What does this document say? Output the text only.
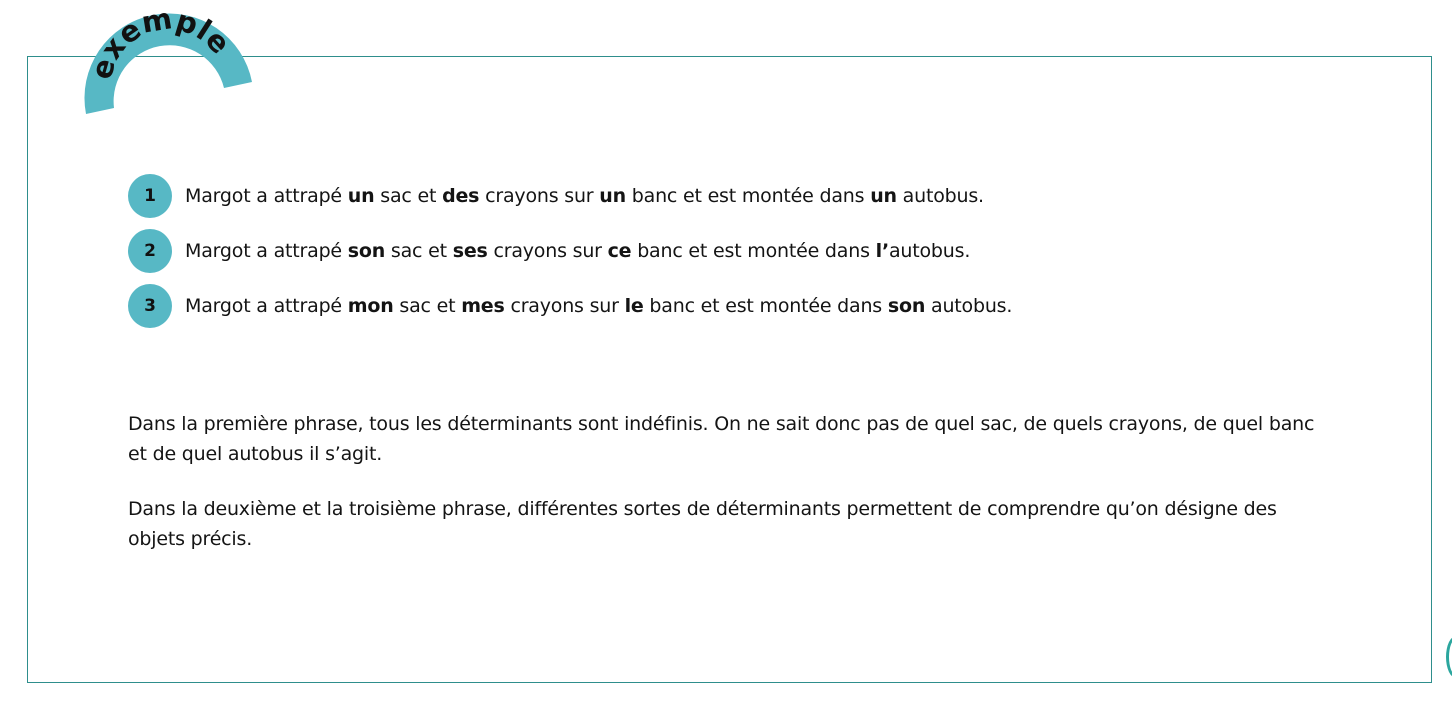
exemple
1	Margot a attrapé un sac et des crayons sur un banc et est montée dans un autobus.
2	Margot a attrapé son sac et ses crayons sur ce banc et est montée dans l’autobus.
3	Margot a attrapé mon sac et mes crayons sur le banc et est montée dans son autobus.

Dans la première phrase, tous les déterminants sont indéfinis. On ne sait donc pas de quel sac, de quels crayons, de quel banc et de quel autobus il s’agit.

Dans la deuxième et la troisième phrase, différentes sortes de déterminants permettent de comprendre qu’on désigne des objets précis.
